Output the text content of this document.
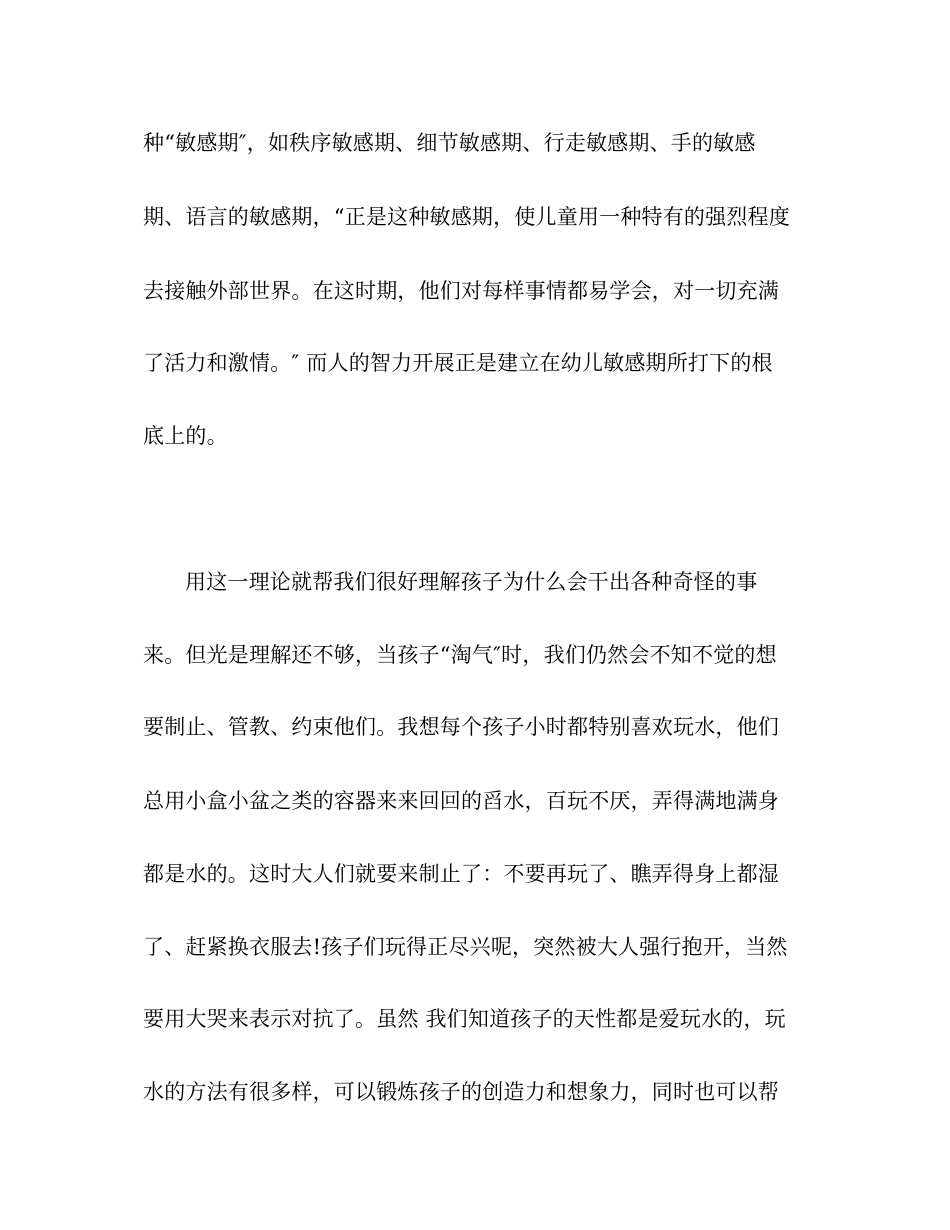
种“敏感期″，如秩序敏感期、细节敏感期、行走敏感期、手的敏感
期、语言的敏感期，“正是这种敏感期，使儿童用一种特有的强烈程度
去接触外部世界。在这时期，他们对每样事情都易学会，对一切充满
了活力和激情。″ 而人的智力开展正是建立在幼儿敏感期所打下的根
底上的。
用这一理论就帮我们很好理解孩子为什么会干出各种奇怪的事
来。但光是理解还不够，当孩子“淘气″时，我们仍然会不知不觉的想
要制止、管教、约束他们。我想每个孩子小时都特别喜欢玩水，他们
总用小盒小盆之类的容器来来回回的舀水，百玩不厌，弄得满地满身
都是水的。这时大人们就要来制止了：不要再玩了、瞧弄得身上都湿
了、赶紧换衣服去!孩子们玩得正尽兴呢，突然被大人强行抱开，当然
要用大哭来表示对抗了。虽然 我们知道孩子的天性都是爱玩水的，玩
水的方法有很多样，可以锻炼孩子的创造力和想象力，同时也可以帮
